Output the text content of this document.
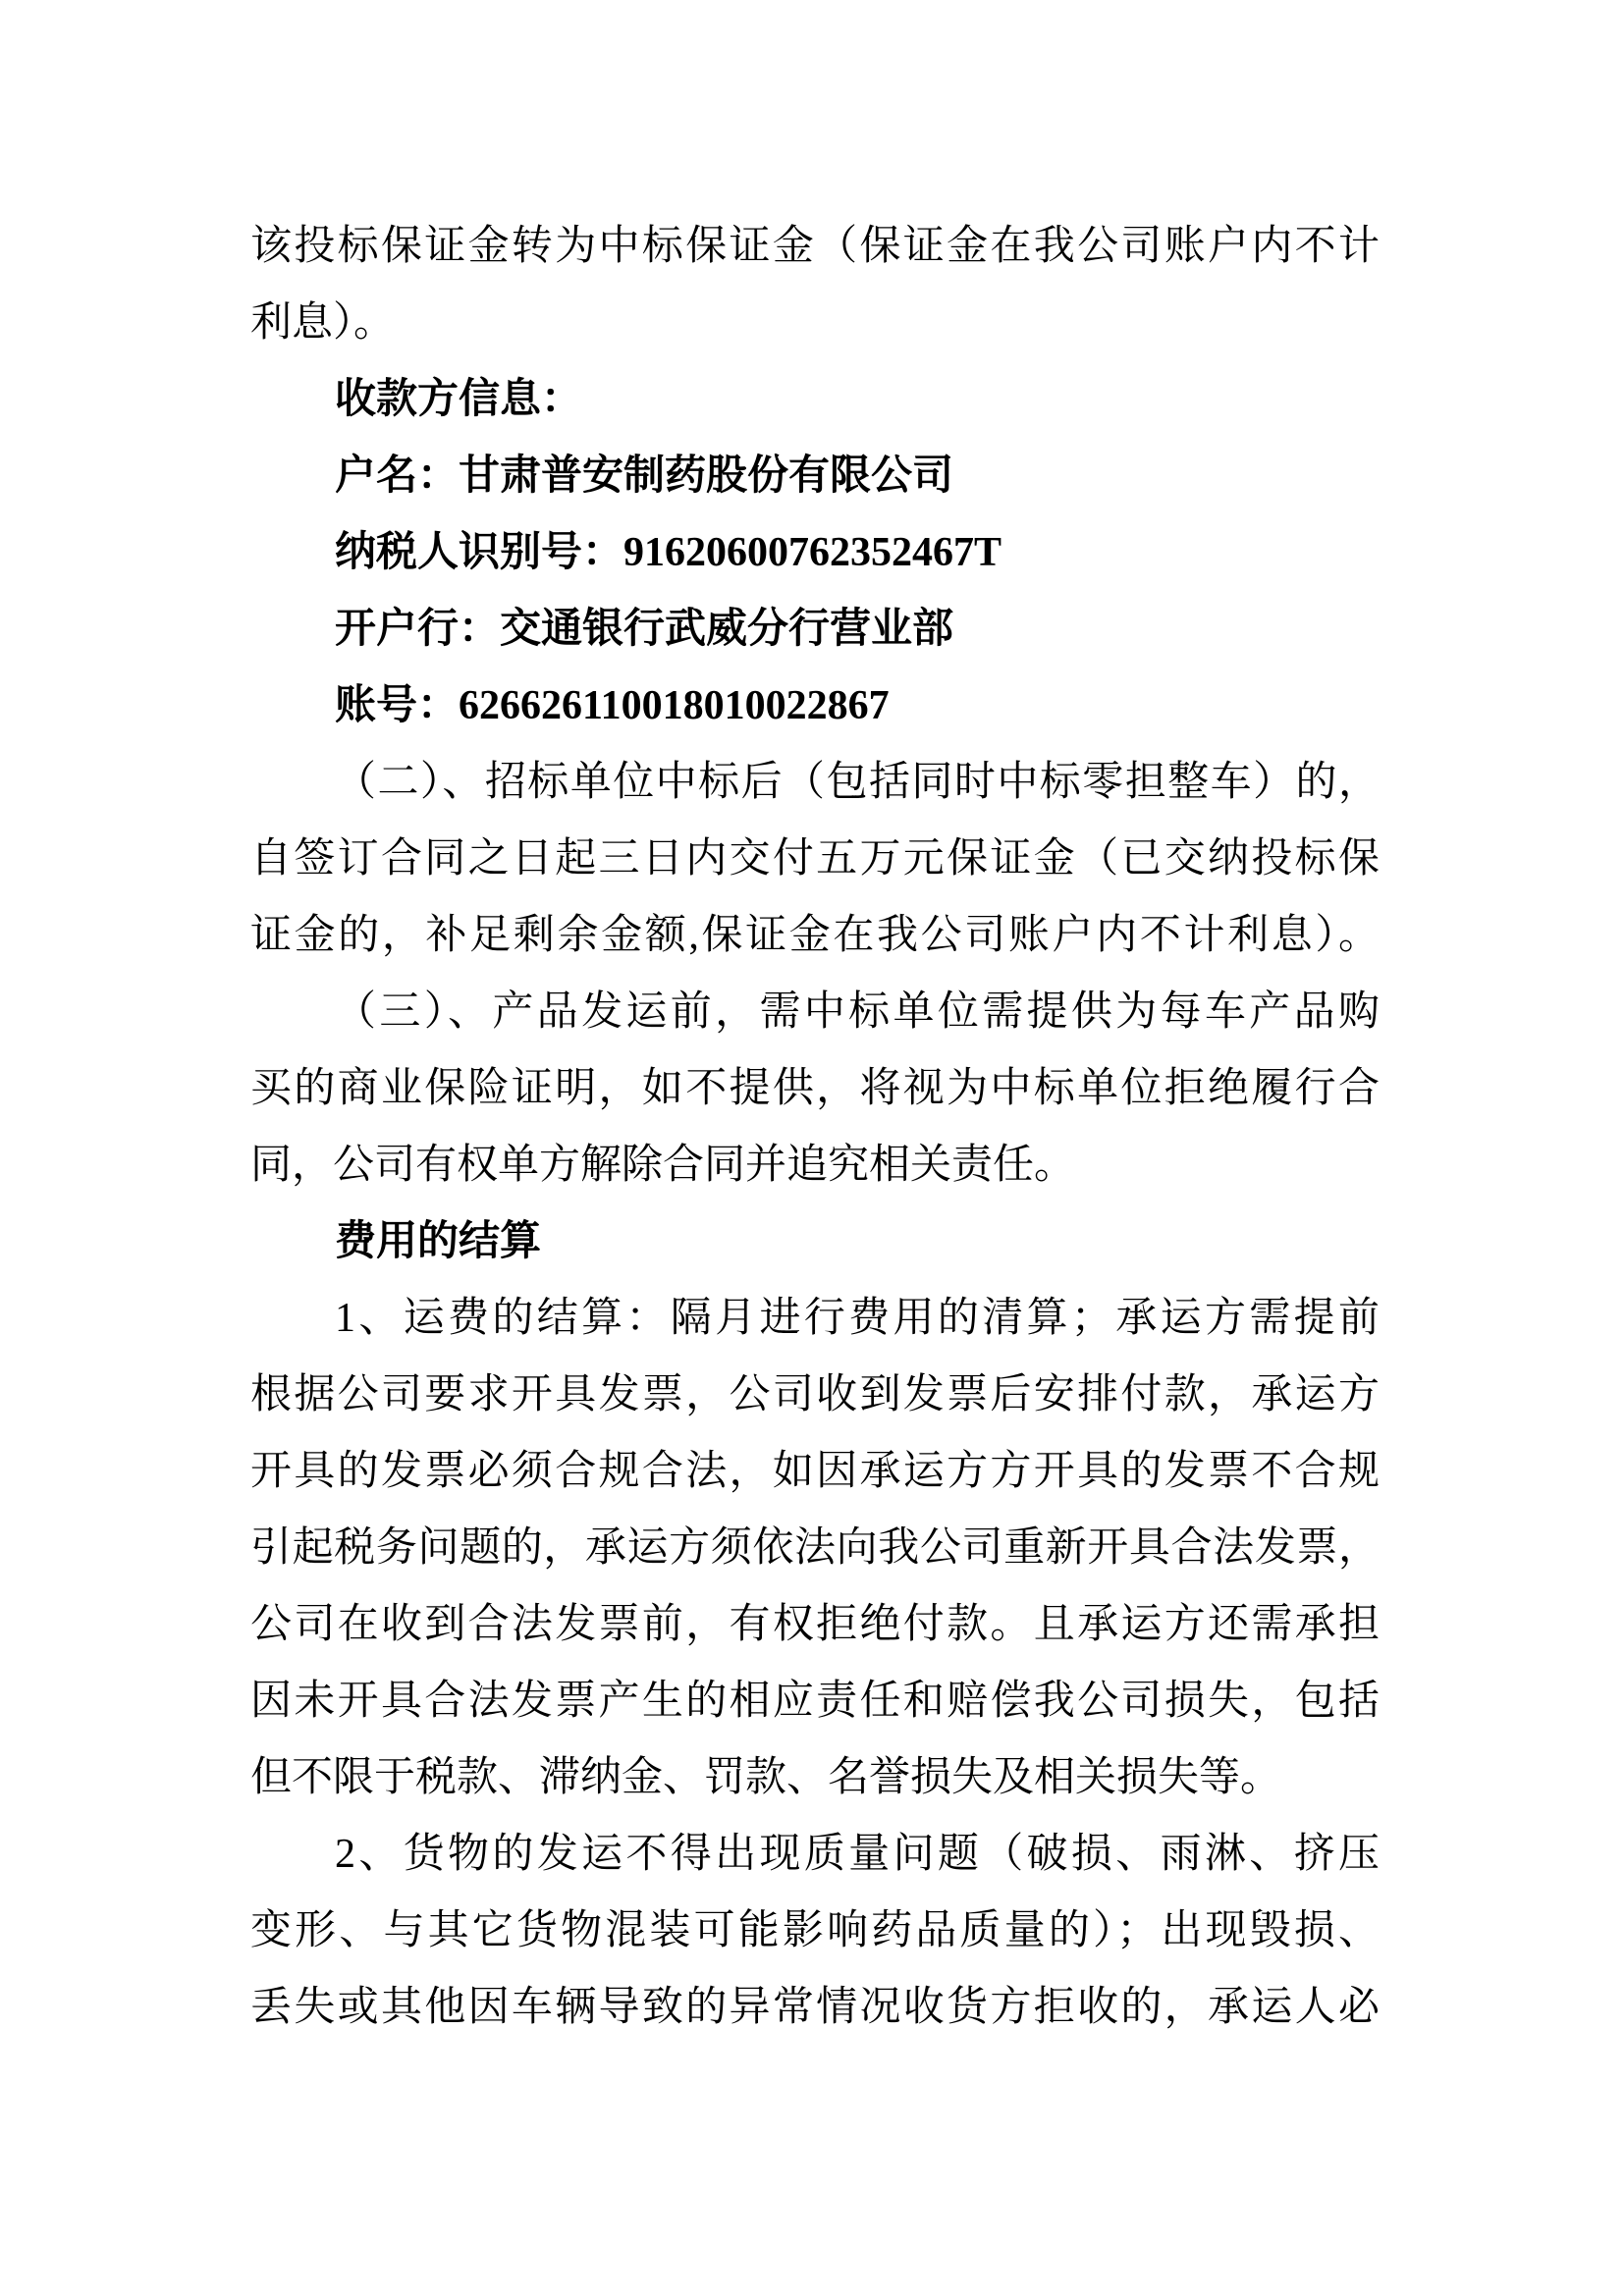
该投标保证金转为中标保证金（保证金在我公司账户内不计
利息）。
收款方信息：
户名：甘肃普安制药股份有限公司
纳税人识别号：91620600762352467T
开户行：交通银行武威分行营业部
账号：626626110018010022867
（二）、招标单位中标后（包括同时中标零担整车）的，
自签订合同之日起三日内交付五万元保证金（已交纳投标保
证金的，补足剩余金额,保证金在我公司账户内不计利息）。
（三）、产品发运前，需中标单位需提供为每车产品购
买的商业保险证明，如不提供，将视为中标单位拒绝履行合
同，公司有权单方解除合同并追究相关责任。
费用的结算
1、运费的结算：隔月进行费用的清算；承运方需提前
根据公司要求开具发票，公司收到发票后安排付款，承运方
开具的发票必须合规合法，如因承运方方开具的发票不合规
引起税务问题的，承运方须依法向我公司重新开具合法发票，
公司在收到合法发票前，有权拒绝付款。且承运方还需承担
因未开具合法发票产生的相应责任和赔偿我公司损失，包括
但不限于税款、滞纳金、罚款、名誉损失及相关损失等。
2、货物的发运不得出现质量问题（破损、雨淋、挤压
变形、与其它货物混装可能影响药品质量的）；出现毁损、
丢失或其他因车辆导致的异常情况收货方拒收的，承运人必
